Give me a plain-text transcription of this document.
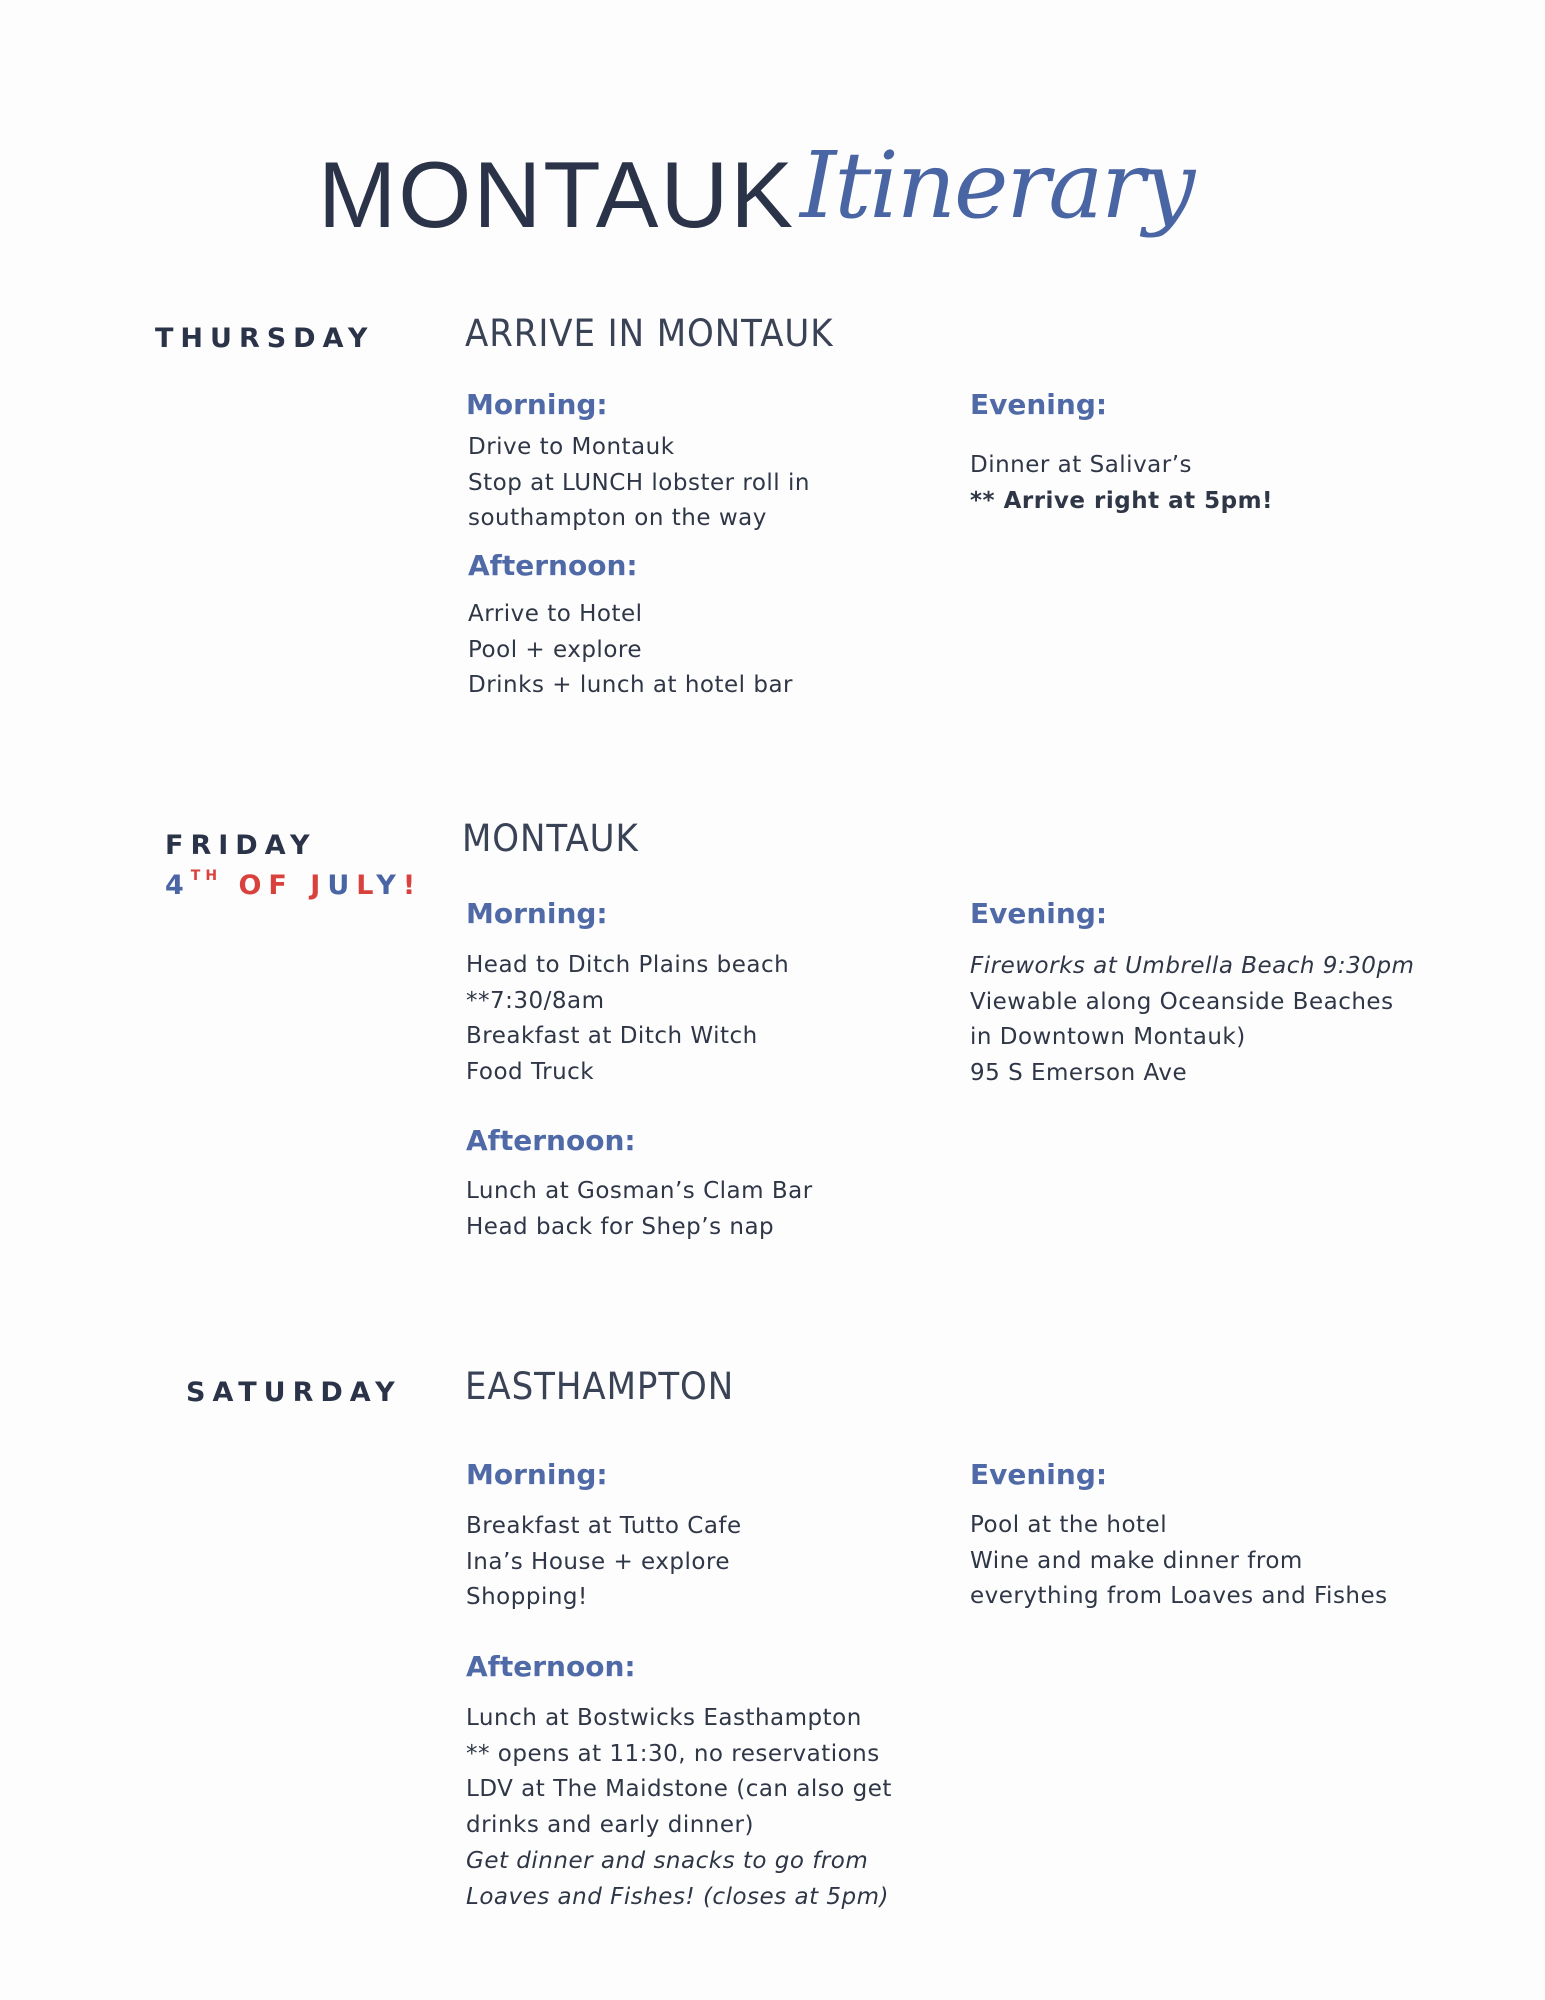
MONTAUK Itinerary
THURSDAY ARRIVE IN MONTAUK
Morning:
Drive to Montauk
Stop at LUNCH lobster roll in
southampton on the way
Afternoon:
Arrive to Hotel
Pool + explore
Drinks + lunch at hotel bar
Evening:
Dinner at Salivar’s
** Arrive right at 5pm!
FRIDAY
4TH OF JULY!
MONTAUK
Morning:
Head to Ditch Plains beach
**7:30/8am
Breakfast at Ditch Witch
Food Truck
Afternoon:
Lunch at Gosman’s Clam Bar
Head back for Shep’s nap
Evening:
Fireworks at Umbrella Beach 9:30pm
Viewable along Oceanside Beaches
in Downtown Montauk)
95 S Emerson Ave
SATURDAY EASTHAMPTON
Morning:
Breakfast at Tutto Cafe
Ina’s House + explore
Shopping!
Afternoon:
Lunch at Bostwicks Easthampton
** opens at 11:30, no reservations
LDV at The Maidstone (can also get
drinks and early dinner)
Get dinner and snacks to go from
Loaves and Fishes! (closes at 5pm)
Evening:
Pool at the hotel
Wine and make dinner from
everything from Loaves and Fishes
